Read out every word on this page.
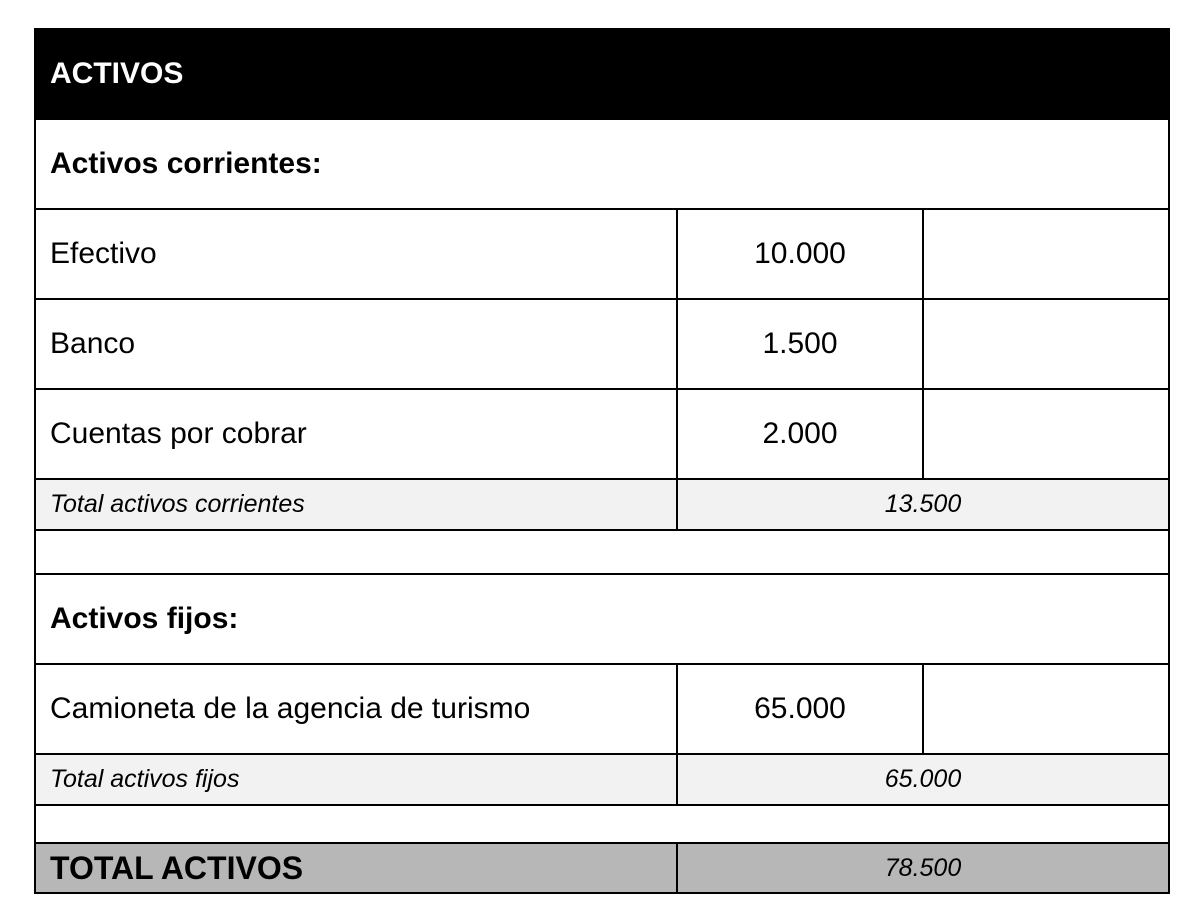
ACTIVOS		
Activos corrientes:		
Efectivo	10.000	
Banco	1.500	
Cuentas por cobrar	2.000	
Total activos corrientes	13.500	

Activos fijos:		
Camioneta de la agencia de turismo	65.000	
Total activos fijos	65.000	

TOTAL ACTIVOS	78.500	
